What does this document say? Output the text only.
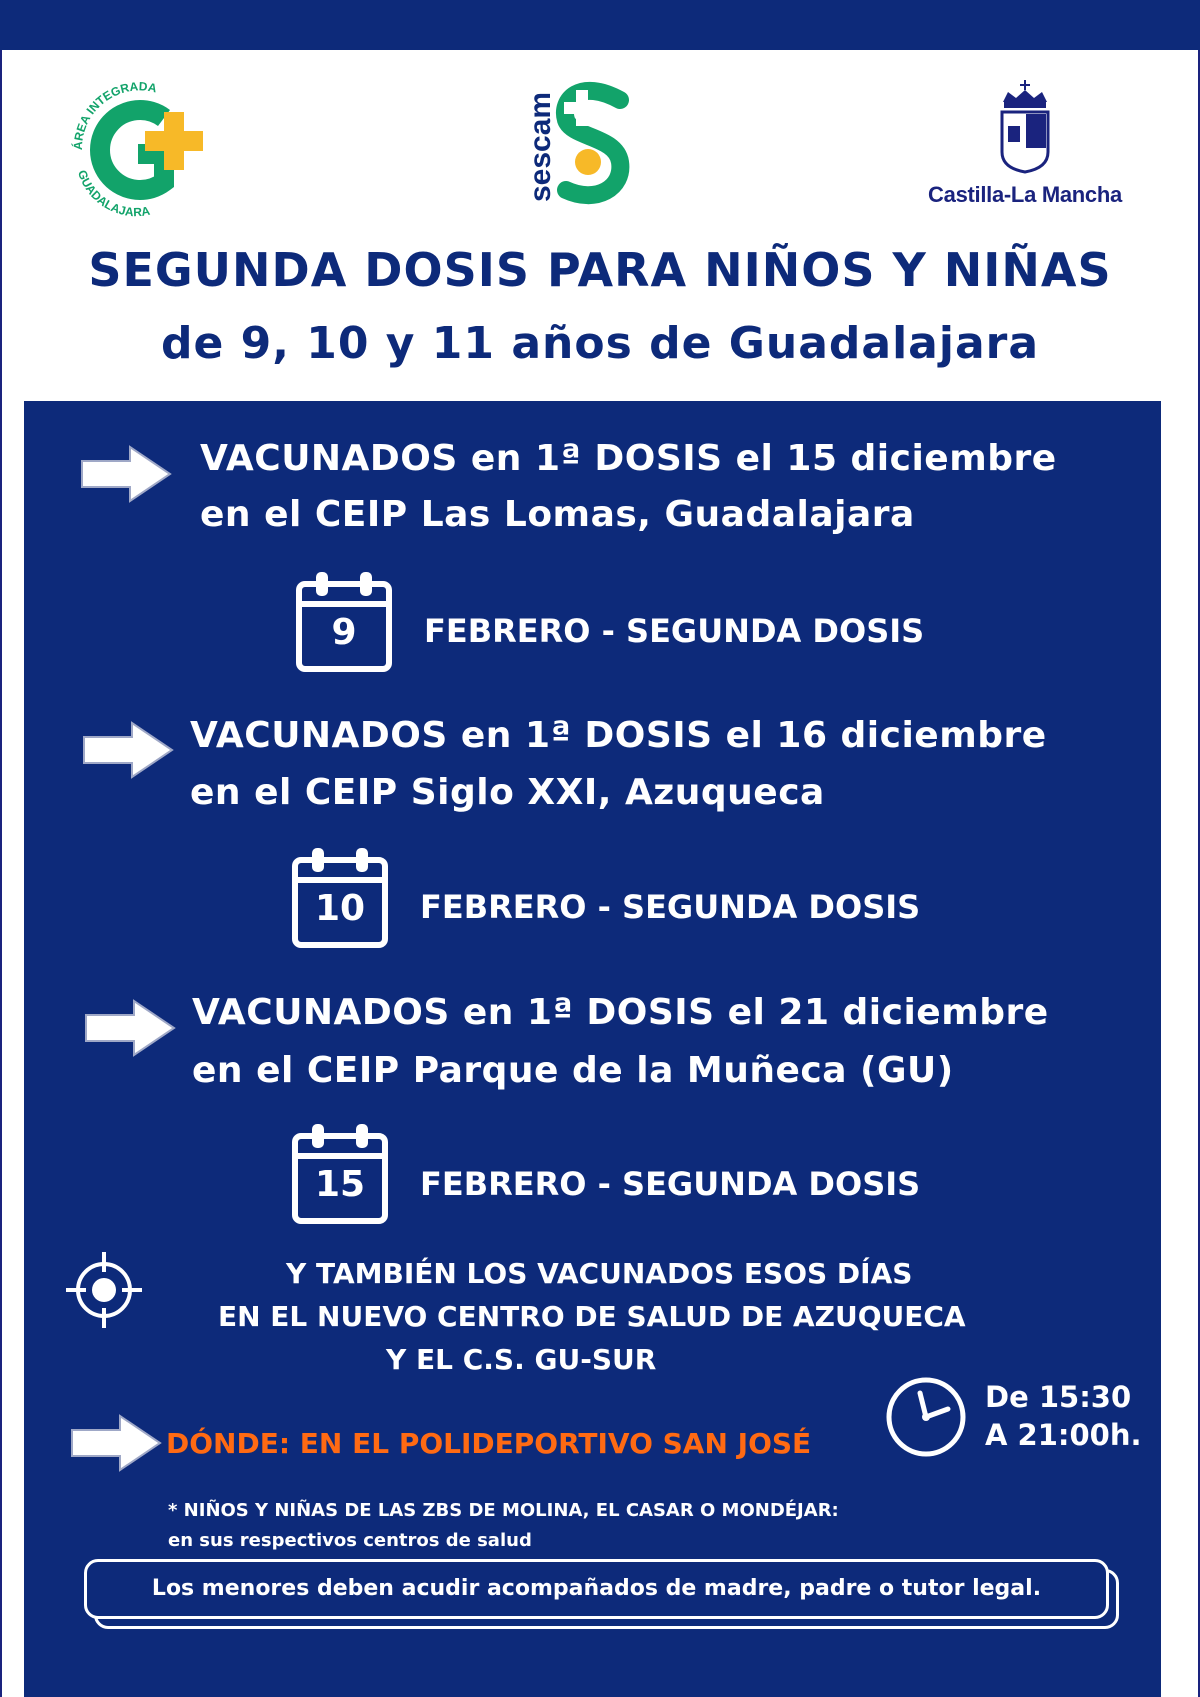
ÁREA INTEGRADA
GUADALAJARA
sescam	Castilla-La Mancha
SEGUNDA DOSIS PARA NIÑOS Y NIÑAS
de 9, 10 y 11 años de Guadalajara
VACUNADOS en 1ª DOSIS el 15 diciembre
en el CEIP Las Lomas, Guadalajara
9	FEBRERO - SEGUNDA DOSIS
VACUNADOS en 1ª DOSIS el 16 diciembre
en el CEIP Siglo XXI, Azuqueca
10	FEBRERO - SEGUNDA DOSIS
VACUNADOS en 1ª DOSIS el 21 diciembre
en el CEIP Parque de la Muñeca (GU)
15	FEBRERO - SEGUNDA DOSIS
Y TAMBIÉN LOS VACUNADOS ESOS DÍAS
EN EL NUEVO CENTRO DE SALUD DE AZUQUECA
Y EL C.S. GU-SUR
DÓNDE: EN EL POLIDEPORTIVO SAN JOSÉ
De 15:30
A 21:00h.
* NIÑOS Y NIÑAS DE LAS ZBS DE MOLINA, EL CASAR O MONDÉJAR:
en sus respectivos centros de salud
Los menores deben acudir acompañados de madre, padre o tutor legal.
